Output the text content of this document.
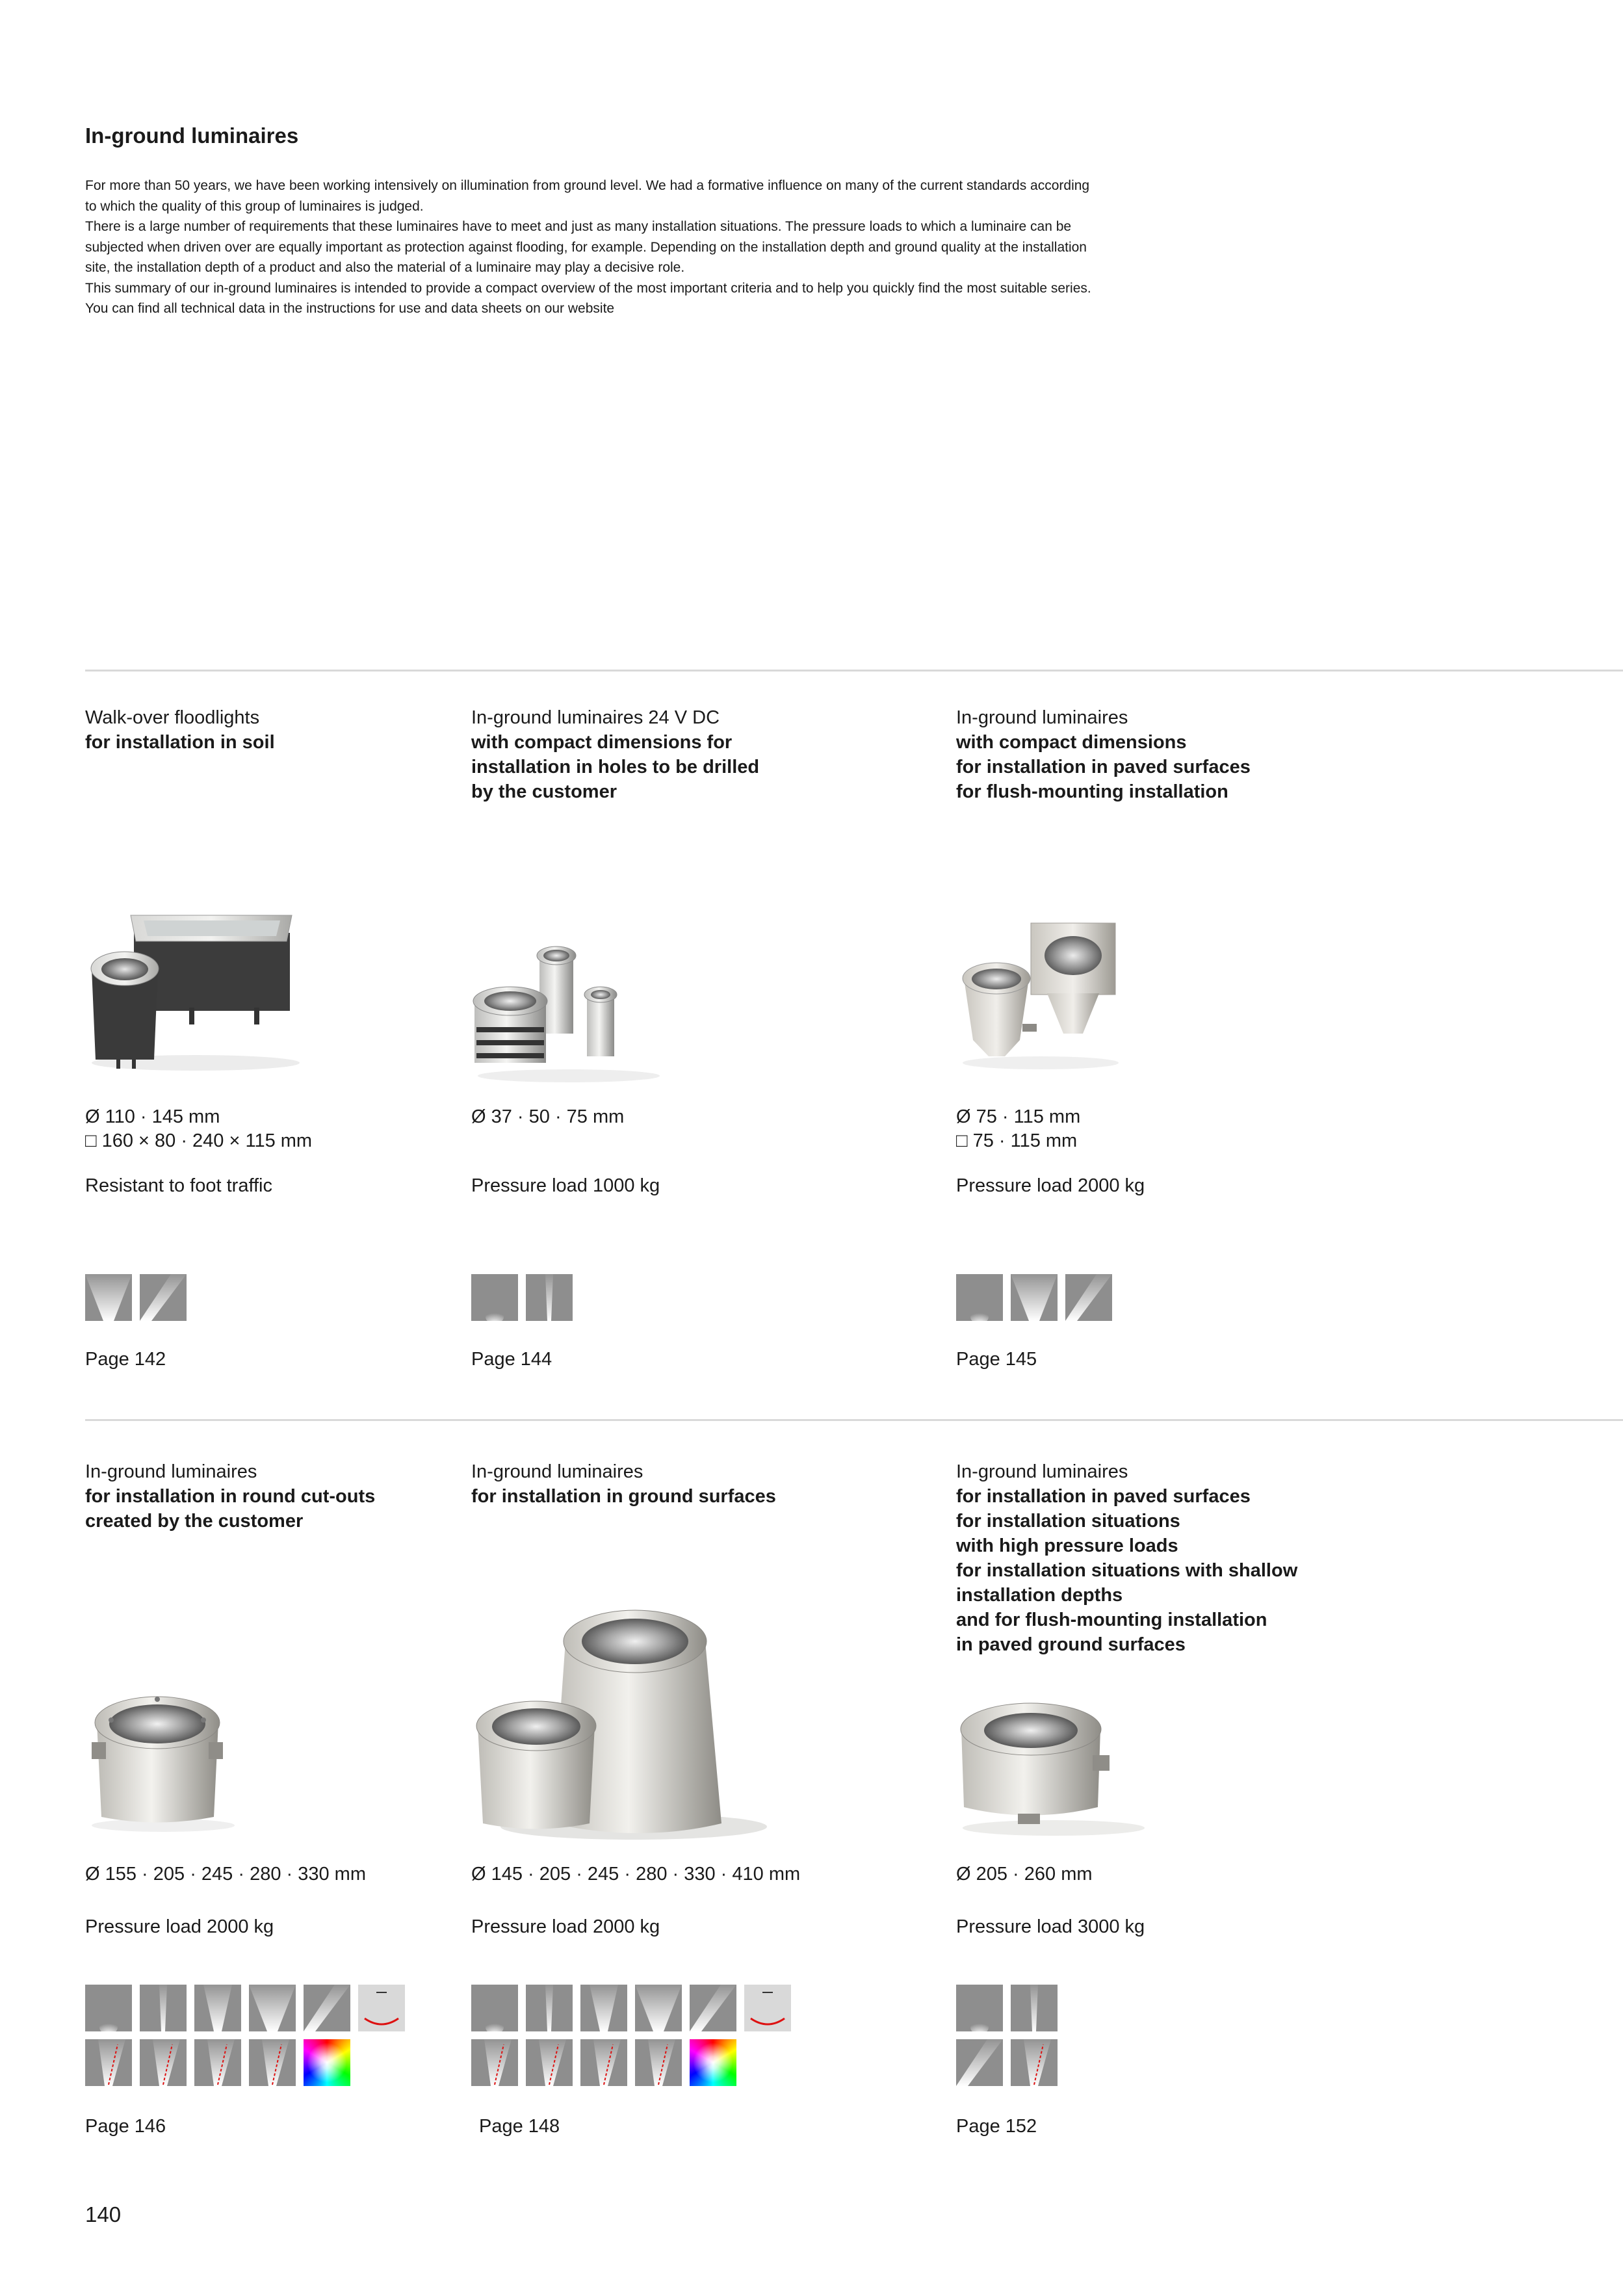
In-ground luminaires

For more than 50 years, we have been working intensively on illumination from ground level. We had a formative influence on many of the current standards according to which the quality of this group of luminaires is judged.

There is a large number of requirements that these luminaires have to meet and just as many installation situations. The pressure loads to which a luminaire can be subjected when driven over are equally important as protection against flooding, for example. Depending on the installation depth and ground quality at the installation site, the installation depth of a product and also the material of a luminaire may play a decisive role.

This summary of our in-ground luminaires is intended to provide a compact overview of the most important criteria and to help you quickly find the most suitable series. You can find all technical data in the instructions for use and data sheets on our website

Walk-over floodlights
for installation in soil
Ø 110 · 145 mm
□ 160 × 80 · 240 × 115 mm
Resistant to foot traffic
Page 142
In-ground luminaires 24 V DC
with compact dimensions for
installation in holes to be drilled
by the customer
Ø 37 · 50 · 75 mm
Pressure load 1000 kg
Page 144
In-ground luminaires
with compact dimensions
for installation in paved surfaces
for flush-mounting installation
Ø 75 · 115 mm
□ 75 · 115 mm
Pressure load 2000 kg
Page 145
In-ground luminaires
for installation in round cut-outs
created by the customer
Ø 155 · 205 · 245 · 280 · 330 mm
Pressure load 2000 kg
Page 146
In-ground luminaires
for installation in ground surfaces
Ø 145 · 205 · 245 · 280 · 330 · 410 mm
Pressure load 2000 kg
Page 148
In-ground luminaires
for installation in paved surfaces
for installation situations
with high pressure loads
for installation situations with shallow
installation depths
and for flush-mounting installation
in paved ground surfaces
Ø 205 · 260 mm
Pressure load 3000 kg
Page 152
140
